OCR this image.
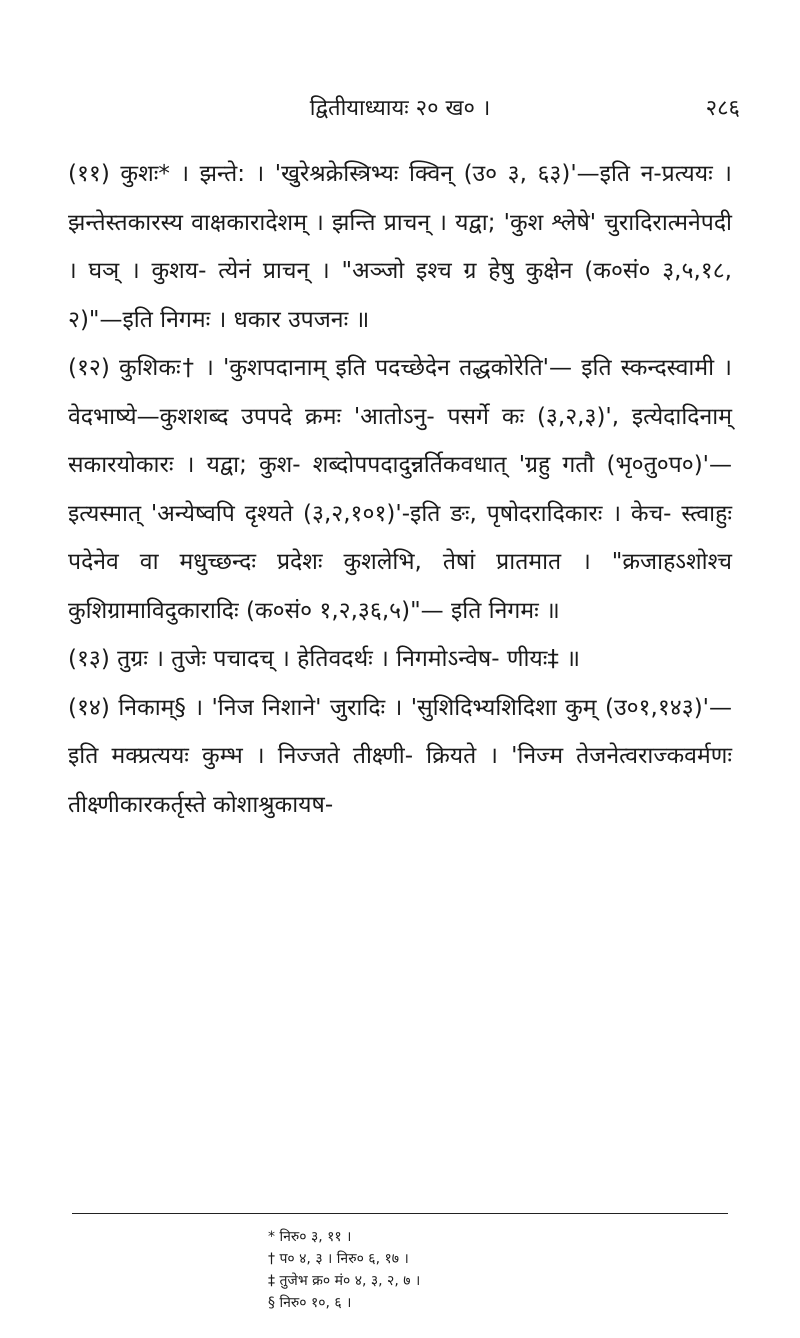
द्वितीयाध्यायः २० ख० ।	२८६

(११) कुशः* । झन्ते: । 'खुरेश्रक्रेस्त्रिभ्यः क्विन् (उ० ३, ६३)'—इति न-प्रत्ययः । झन्तेस्तकारस्य वाक्षकारादेशम् । झन्ति प्राचन् । यद्वा; 'कुश श्लेषे' चुरादिरात्मनेपदी । घञ् । कुशय- त्येनं प्राचन् । "अञ्जो इश्च ग्र हेषु कुक्षेन (क०सं० ३,५,१८, २)"—इति निगमः । धकार उपजनः ॥

(१२) कुशिकः† । 'कुशपदानाम् इति पदच्छेदेन तद्धकोरेति'— इति स्कन्दस्वामी । वेदभाष्ये—कुशशब्द उपपदे क्रमः 'आतोऽनु- पसर्गे कः (३,२,३)', इत्येदादिनाम् सकारयोकारः । यद्वा; कुश- शब्दोपपदादुन्नर्तिकवधात् 'ग्रहु गतौ (भृ०तु०प०)'—इत्यस्मात् 'अन्येष्वपि दृश्यते (३,२,१०१)'-इति ङः, पृषोदरादिकारः । केच- स्त्वाहुः पदेनेव वा मधुच्छन्दः प्रदेशः कुशलेभि, तेषां प्रातमात । "क्रजाहऽशोश्च कुशिग्रामाविदुकारादिः (क०सं० १,२,३६,५)"— इति निगमः ॥

(१३) तुग्रः । तुजेः पचादच् । हेतिवदर्थः । निगमोऽन्वेष- णीयः‡ ॥

(१४) निकाम्§ । 'निज निशाने' जुरादिः । 'सुशिदिभ्यशिदिशा कुम् (उ०१,१४३)'—इति मक्प्रत्ययः कुम्भ । निज्जते तीक्ष्णी- क्रियते । 'निज्म तेजनेत्वराज्कवर्मणः तीक्ष्णीकारकर्तृस्ते कोशाश्रुकायष-

* निरु० ३, ११ ।
† प० ४, ३ । निरु० ६, १७ ।
‡ तुजेभ क्र० मं० ४, ३, २, ७ ।
§ निरु० १०, ६ ।
